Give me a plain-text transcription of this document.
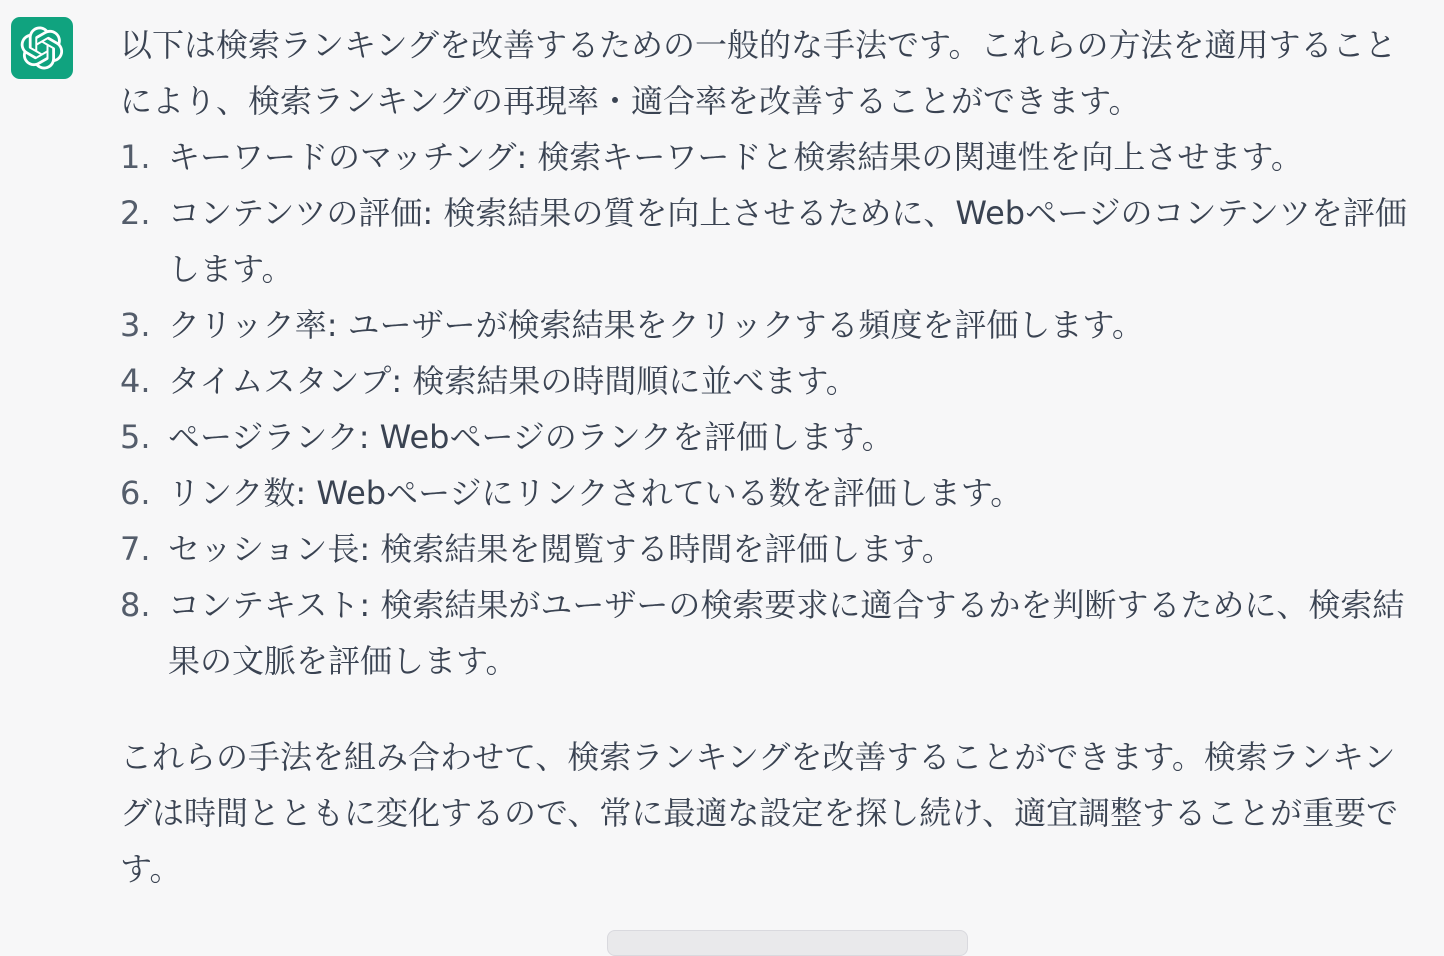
以下は検索ランキングを改善するための一般的な手法です。これらの方法を適用することにより、検索ランキングの再現率・適合率を改善することができます。

キーワードのマッチング: 検索キーワードと検索結果の関連性を向上させます。
コンテンツの評価: 検索結果の質を向上させるために、Webページのコンテンツを評価します。
クリック率: ユーザーが検索結果をクリックする頻度を評価します。
タイムスタンプ: 検索結果の時間順に並べます。
ページランク: Webページのランクを評価します。
リンク数: Webページにリンクされている数を評価します。
セッション長: 検索結果を閲覧する時間を評価します。
コンテキスト: 検索結果がユーザーの検索要求に適合するかを判断するために、検索結果の文脈を評価します。

これらの手法を組み合わせて、検索ランキングを改善することができます。検索ランキングは時間とともに変化するので、常に最適な設定を探し続け、適宜調整することが重要です。
